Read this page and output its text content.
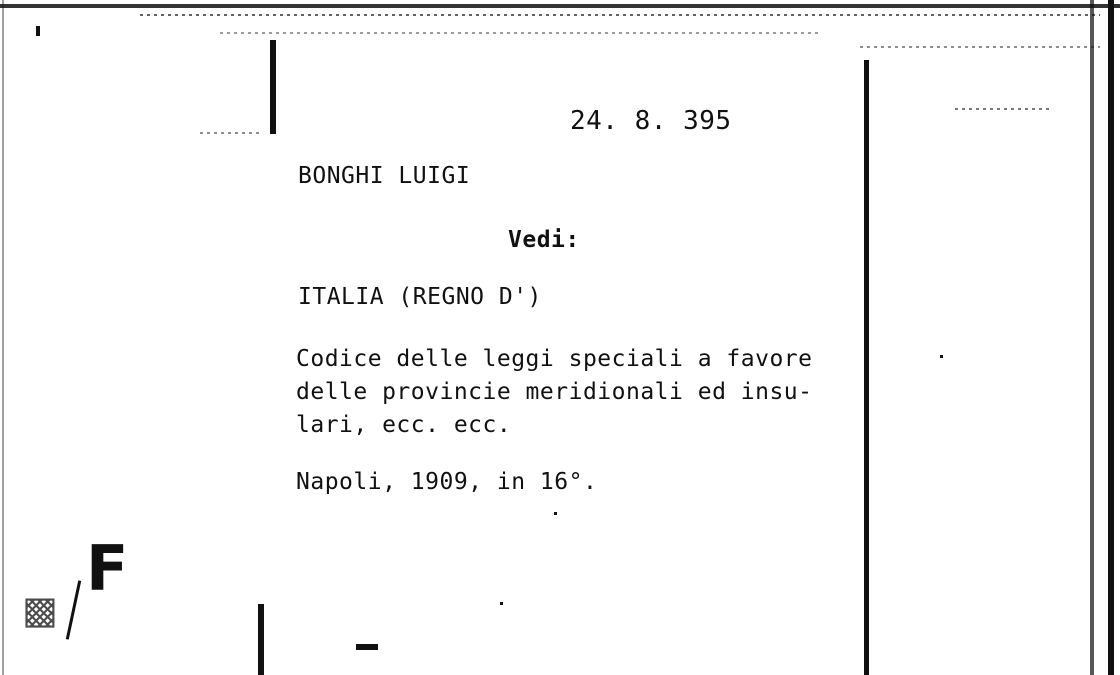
24. 8. 395
BONGHI LUIGI
Vedi:
ITALIA (REGNO D')
Codice delle leggi speciali a favore
delle provincie meridionali ed insu-
lari, ecc. ecc.
Napoli, 1909, in 16°.
F
▩
